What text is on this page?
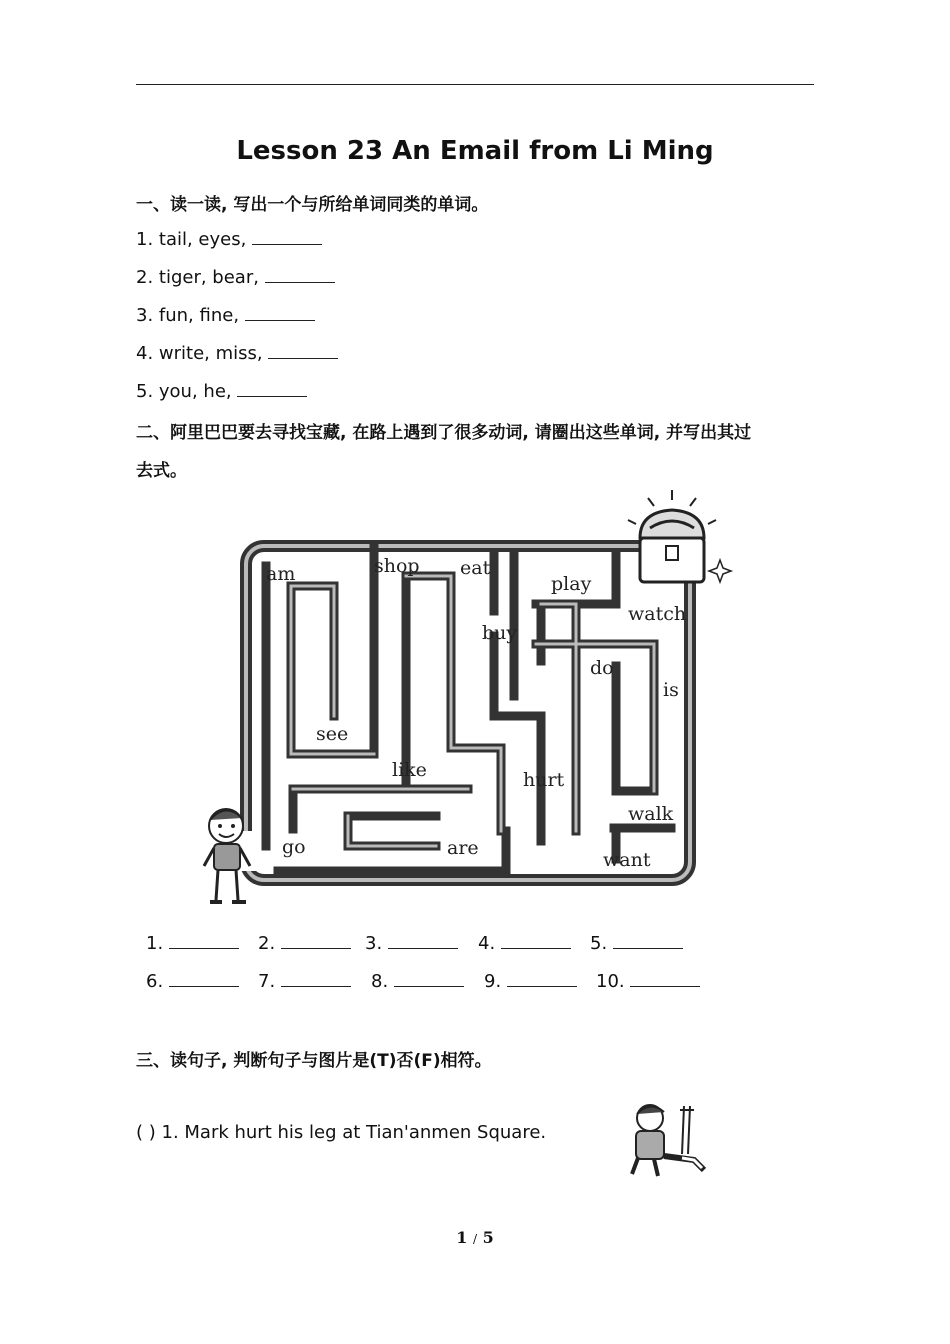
Lesson 23 An Email from Li Ming
一、读一读, 写出一个与所给单词同类的单词。
1. tail, eyes,
2. tiger, bear,
3. fun, fine,
4. write, miss,
5. you, he,
二、阿里巴巴要去寻找宝藏, 在路上遇到了很多动词, 请圈出这些单词, 并写出其过
去式。
am	shop eat
play
watch
buy
do
is
see
like	hurt
walk
go	are
want
1.	2.	3.	4.	5.
6.	7.	8.	9.	10.
三、读句子, 判断句子与图片是(T)否(F)相符。
( ) 1. Mark hurt his leg at Tian'anmen Square.
1 / 5
